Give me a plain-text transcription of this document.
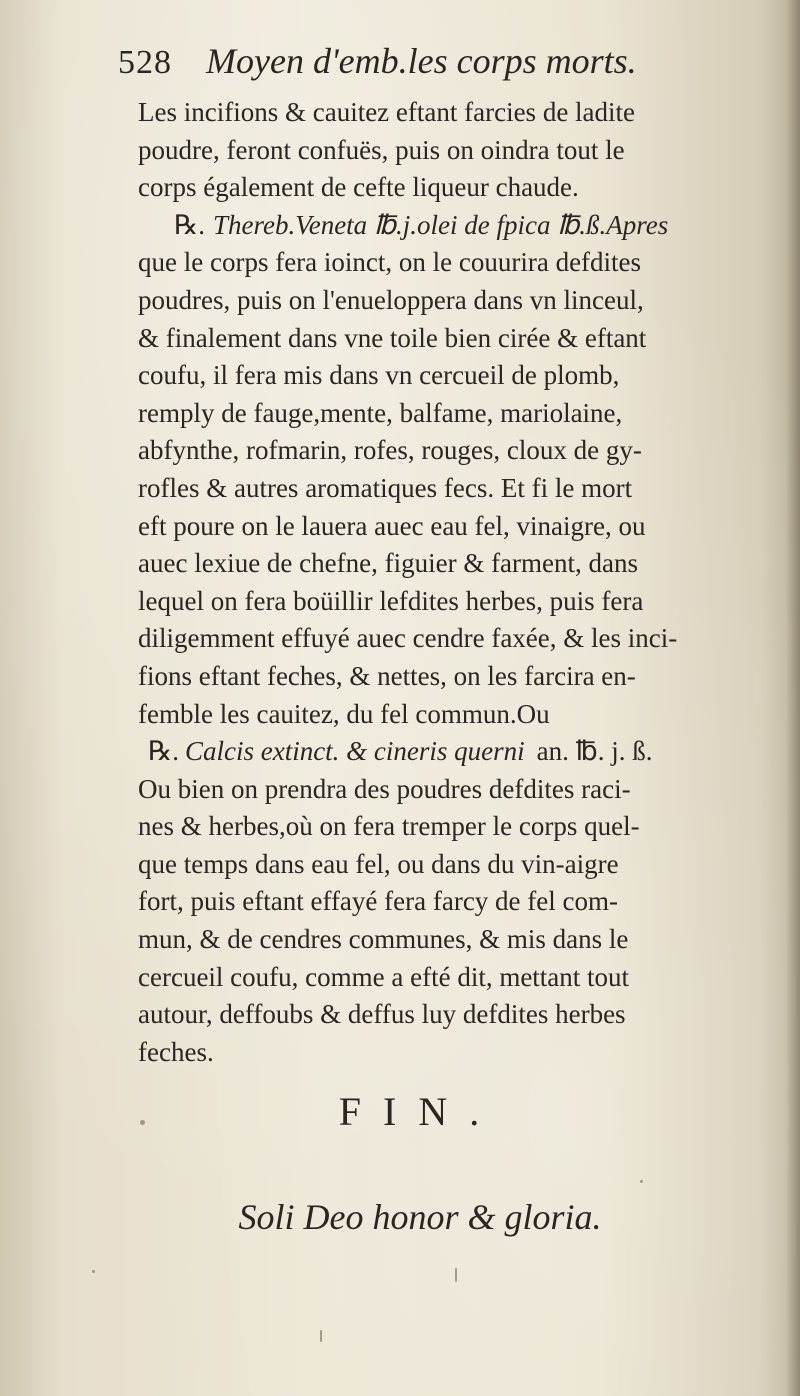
528 Moyen d'emb.les corps morts.
Les incifions & cauitez eftant farcies de ladite
poudre, feront confuës, puis on oindra tout le
corps également de cefte liqueur chaude.
℞. Thereb.Veneta ℔.j.olei de fpica ℔.ß.Apres
que le corps fera ioinct, on le couurira defdites
poudres, puis on l'enueloppera dans vn linceul,
& finalement dans vne toile bien cirée & eftant
coufu, il fera mis dans vn cercueil de plomb,
remply de fauge,mente, balfame, mariolaine,
abfynthe, rofmarin, rofes, rouges, cloux de gy-
rofles & autres aromatiques fecs. Et fi le mort
eft poure on le lauera auec eau fel, vinaigre, ou
auec lexiue de chefne, figuier & farment, dans
lequel on fera boüillir lefdites herbes, puis fera
diligemment effuyé auec cendre faxée, & les inci-
fions eftant feches, & nettes, on les farcira en-
femble les cauitez, du fel commun.Ou
℞. Calcis extinct. & cineris querni an. ℔. j. ß.
Ou bien on prendra des poudres defdites raci-
nes & herbes,où on fera tremper le corps quel-
que temps dans eau fel, ou dans du vin-aigre
fort, puis eftant effayé fera farcy de fel com-
mun, & de cendres communes, & mis dans le
cercueil coufu, comme a efté dit, mettant tout
autour, deffoubs & deffus luy defdites herbes
feches.
FIN.
Soli Deo honor & gloria.
